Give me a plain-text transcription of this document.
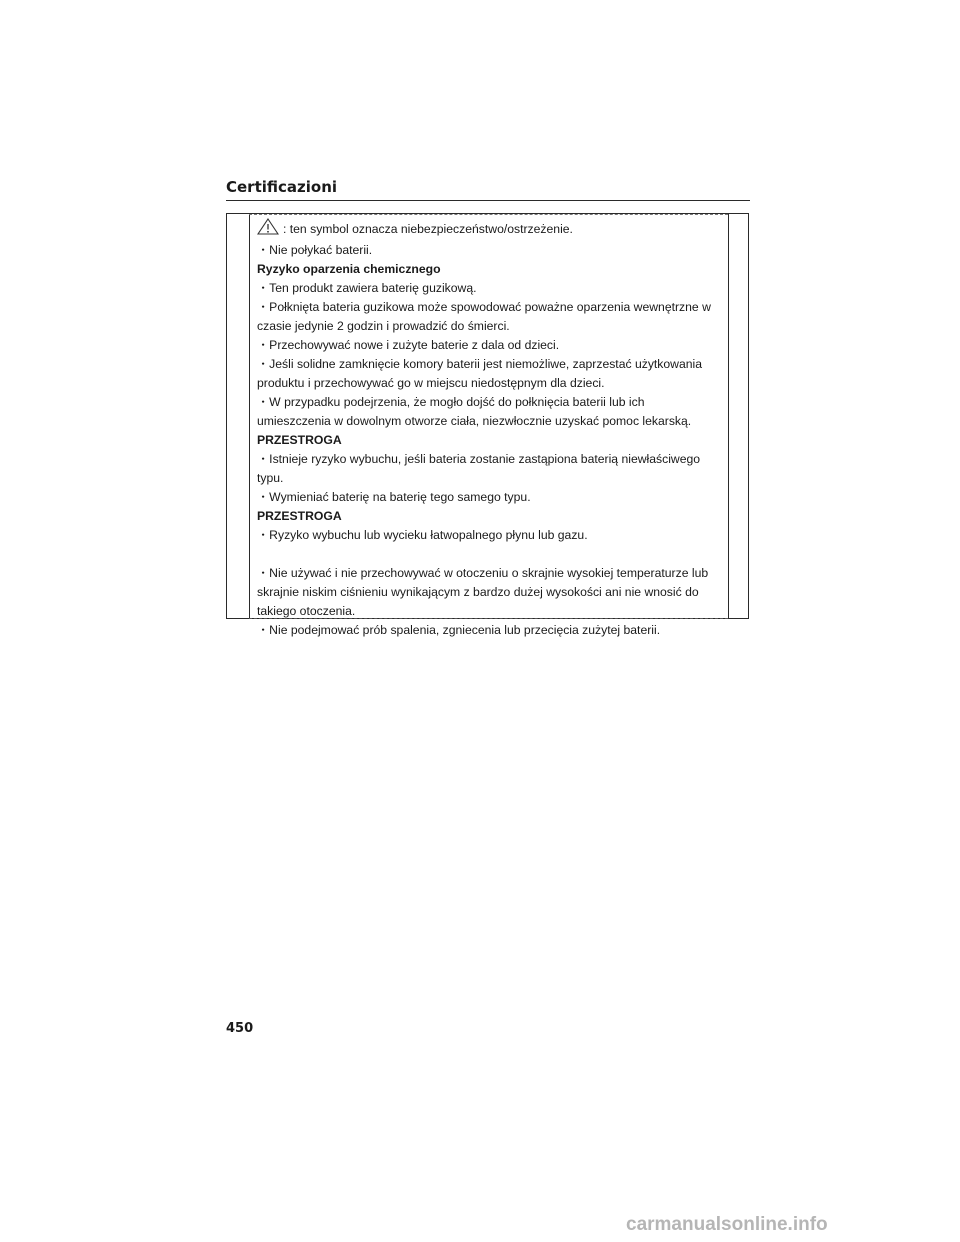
Certificazioni
: ten symbol oznacza niebezpieczeństwo/ostrzeżenie.
・Nie połykać baterii.
Ryzyko oparzenia chemicznego
・Ten produkt zawiera baterię guzikową.
・Połknięta bateria guzikowa może spowodować poważne oparzenia wewnętrzne w
czasie jedynie 2 godzin i prowadzić do śmierci.
・Przechowywać nowe i zużyte baterie z dala od dzieci.
・Jeśli solidne zamknięcie komory baterii jest niemożliwe, zaprzestać użytkowania
produktu i przechowywać go w miejscu niedostępnym dla dzieci.
・W przypadku podejrzenia, że mogło dojść do połknięcia baterii lub ich
umieszczenia w dowolnym otworze ciała, niezwłocznie uzyskać pomoc lekarską.
PRZESTROGA
・Istnieje ryzyko wybuchu, jeśli bateria zostanie zastąpiona baterią niewłaściwego
typu.
・Wymieniać baterię na baterię tego samego typu.
PRZESTROGA
・Ryzyko wybuchu lub wycieku łatwopalnego płynu lub gazu.
・Nie używać i nie przechowywać w otoczeniu o skrajnie wysokiej temperaturze lub
skrajnie niskim ciśnieniu wynikającym z bardzo dużej wysokości ani nie wnosić do
takiego otoczenia.
・Nie podejmować prób spalenia, zgniecenia lub przecięcia zużytej baterii.
450
carmanualsonline.info
